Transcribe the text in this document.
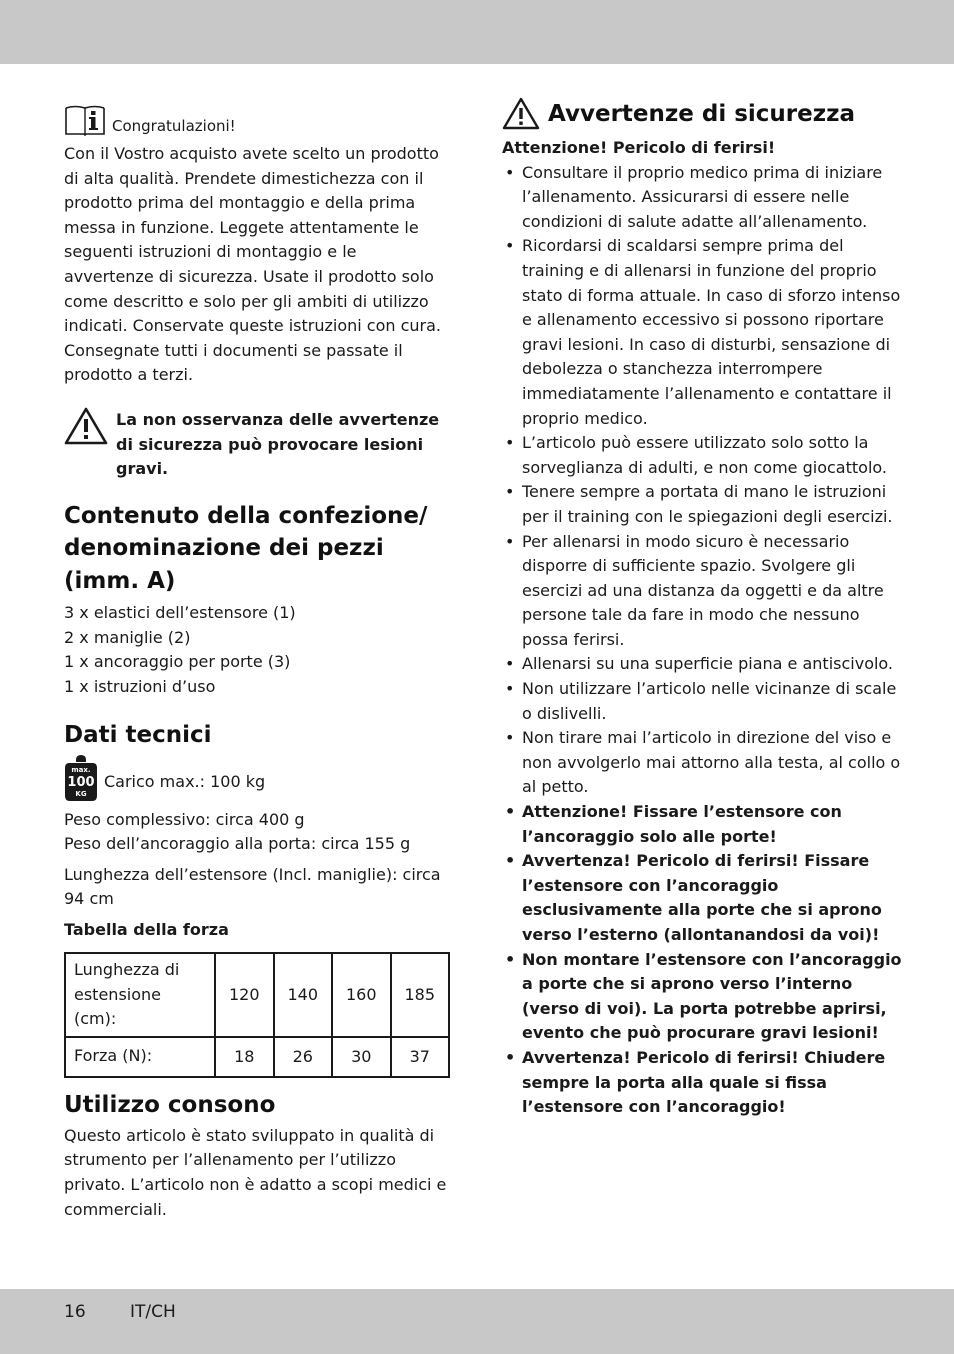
Congratulazioni!

Con il Vostro acquisto avete scelto un prodotto di alta qualità. Prendete dimestichezza con il prodotto prima del montaggio e della prima messa in funzione. Leggete attentamente le seguenti istruzioni di montaggio e le avvertenze di sicurezza. Usate il prodotto solo come descritto e solo per gli ambiti di utilizzo indicati. Conservate queste istruzioni con cura. Consegnate tutti i documenti se passate il prodotto a terzi.

La non osservanza delle avvertenze di sicurezza può provocare lesioni gravi.
Contenuto della confezione/ denominazione dei pezzi (imm. A)

3 x elastici dell’estensore (1)

2 x maniglie (2)

1 x ancoraggio per porte (3)

1 x istruzioni d’uso

Dati tecnici
max.
100
KG
Carico max.: 100 kg

Peso complessivo: circa 400 g

Peso dell’ancoraggio alla porta: circa 155 g

Lunghezza dell’estensore (Incl. maniglie): circa 94 cm

Tabella della forza
Lunghezza di estensione (cm):	120	140	160	185
Forza (N):	18	26	30	37
Utilizzo consono

Questo articolo è stato sviluppato in qualità di strumento per l’allenamento per l’utilizzo privato. L’articolo non è adatto a scopi medici e commerciali.

Avvertenze di sicurezza
Attenzione! Pericolo di ferirsi!
• Consultare il proprio medico prima di iniziare l’allenamento. Assicurarsi di essere nelle condizioni di salute adatte all’allenamento.
• Ricordarsi di scaldarsi sempre prima del training e di allenarsi in funzione del proprio stato di forma attuale. In caso di sforzo intenso e allenamento eccessivo si possono riportare gravi lesioni. In caso di disturbi, sensazione di debolezza o stanchezza interrompere immediatamente l’allenamento e contattare il proprio medico.
• L’articolo può essere utilizzato solo sotto la sorveglianza di adulti, e non come giocattolo.
• Tenere sempre a portata di mano le istruzioni per il training con le spiegazioni degli esercizi.
• Per allenarsi in modo sicuro è necessario disporre di sufficiente spazio. Svolgere gli esercizi ad una distanza da oggetti e da altre persone tale da fare in modo che nessuno possa ferirsi.
• Allenarsi su una superficie piana e antiscivolo.
• Non utilizzare l’articolo nelle vicinanze di scale o dislivelli.
• Non tirare mai l’articolo in direzione del viso e non avvolgerlo mai attorno alla testa, al collo o al petto.
• Attenzione! Fissare l’estensore con l’ancoraggio solo alle porte!
• Avvertenza! Pericolo di ferirsi! Fissare l’estensore con l’ancoraggio esclusivamente alla porte che si aprono verso l’esterno (allontanandosi da voi)!
• Non montare l’estensore con l’ancoraggio a porte che si aprono verso l’interno (verso di voi). La porta potrebbe aprirsi, evento che può procurare gravi lesioni!
• Avvertenza! Pericolo di ferirsi! Chiudere sempre la porta alla quale si fissa l’estensore con l’ancoraggio!
16	IT/CH
